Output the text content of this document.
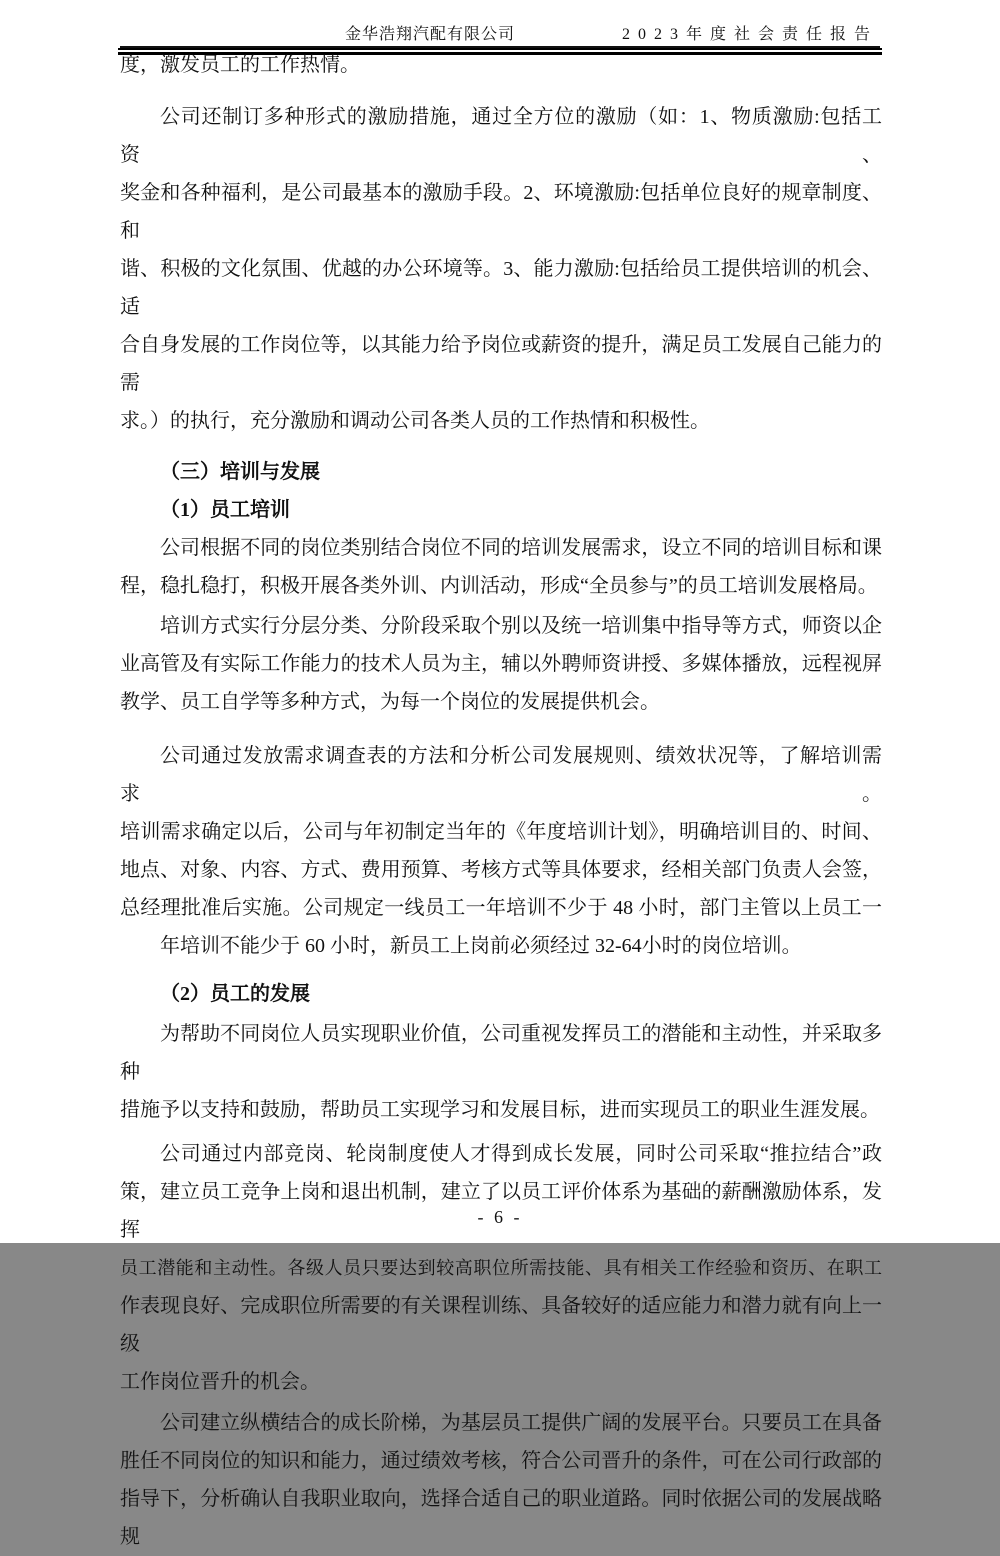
金华浩翔汽配有限公司	2023年度社会责任报告
度，激发员工的工作热情。
公司还制订多种形式的激励措施，通过全方位的激励（如：1、物质激励:包括工资、
奖金和各种福利，是公司最基本的激励手段。2、环境激励:包括单位良好的规章制度、和
谐、积极的文化氛围、优越的办公环境等。3、能力激励:包括给员工提供培训的机会、适
合自身发展的工作岗位等，以其能力给予岗位或薪资的提升，满足员工发展自己能力的需
求。）的执行，充分激励和调动公司各类人员的工作热情和积极性。
（三）培训与发展
（1）员工培训
公司根据不同的岗位类别结合岗位不同的培训发展需求，设立不同的培训目标和课
程，稳扎稳打，积极开展各类外训、内训活动，形成“全员参与”的员工培训发展格局。
培训方式实行分层分类、分阶段采取个别以及统一培训集中指导等方式，师资以企
业高管及有实际工作能力的技术人员为主，辅以外聘师资讲授、多媒体播放，远程视屏
教学、员工自学等多种方式，为每一个岗位的发展提供机会。
公司通过发放需求调查表的方法和分析公司发展规则、绩效状况等，了解培训需求。
培训需求确定以后，公司与年初制定当年的《年度培训计划》，明确培训目的、时间、
地点、对象、内容、方式、费用预算、考核方式等具体要求，经相关部门负责人会签，
总经理批准后实施。公司规定一线员工一年培训不少于 48 小时，部门主管以上员工一
年培训不能少于 60 小时，新员工上岗前必须经过 32-64小时的岗位培训。
（2）员工的发展
为帮助不同岗位人员实现职业价值，公司重视发挥员工的潜能和主动性，并采取多种
措施予以支持和鼓励，帮助员工实现学习和发展目标，进而实现员工的职业生涯发展。
公司通过内部竞岗、轮岗制度使人才得到成长发展，同时公司采取“推拉结合”政
策，建立员工竞争上岗和退出机制，建立了以员工评价体系为基础的薪酬激励体系，发挥
员工潜能和主动性。各级人员只要达到较高职位所需技能、具有相关工作经验和资历、在职工
作表现良好、完成职位所需要的有关课程训练、具备较好的适应能力和潜力就有向上一级
工作岗位晋升的机会。
公司建立纵横结合的成长阶梯，为基层员工提供广阔的发展平台。只要员工在具备
胜任不同岗位的知识和能力，通过绩效考核，符合公司晋升的条件，可在公司行政部的
指导下，分析确认自我职业取向，选择合适自己的职业道路。同时依据公司的发展战略规
- 6 -
